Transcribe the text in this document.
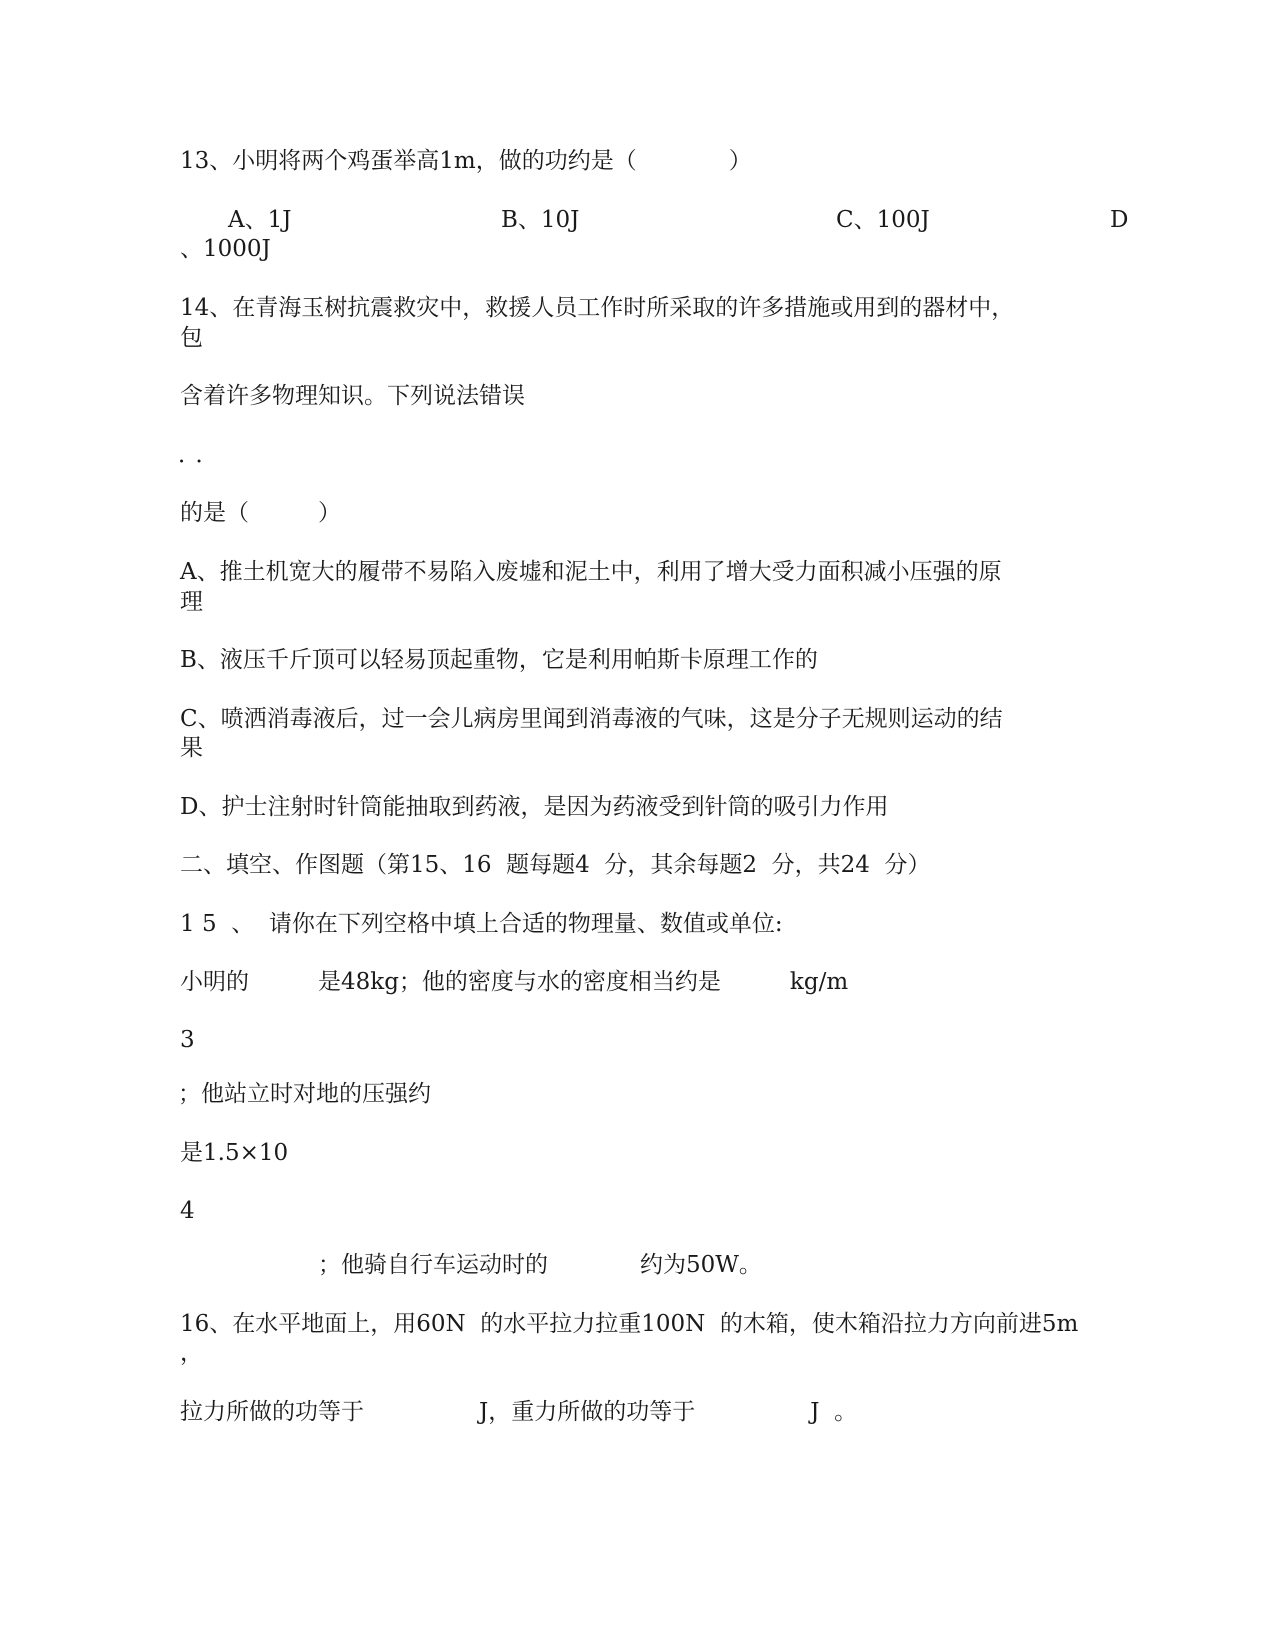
13、小明将两个鸡蛋举高1m，做的功约是（　　　　）
A、1J	B、10J	C、100J	D
、1000J
14、在青海玉树抗震救灾中，救援人员工作时所采取的许多措施或用到的器材中，
包
含着许多物理知识。下列说法错误
．．
的是（　　　）
A、推土机宽大的履带不易陷入废墟和泥土中，利用了增大受力面积减小压强的原
理
B、液压千斤顶可以轻易顶起重物，它是利用帕斯卡原理工作的
C、喷洒消毒液后，过一会儿病房里闻到消毒液的气味，这是分子无规则运动的结
果
D、护士注射时针筒能抽取到药液，是因为药液受到针筒的吸引力作用
二、填空、作图题（第15、16  题每题4  分，其余每题2  分，共24  分）
1 5  、  请你在下列空格中填上合适的物理量、数值或单位:
小明的　　　是48kg；他的密度与水的密度相当约是　　　kg/m
3
；他站立时对地的压强约
是1.5×10
4
　　　　　　；他骑自行车运动时的　　　　约为50W。
16、在水平地面上，用60N  的水平拉力拉重100N  的木箱，使木箱沿拉力方向前进5m
，
拉力所做的功等于　　　　　J，重力所做的功等于　　　　　J  。
